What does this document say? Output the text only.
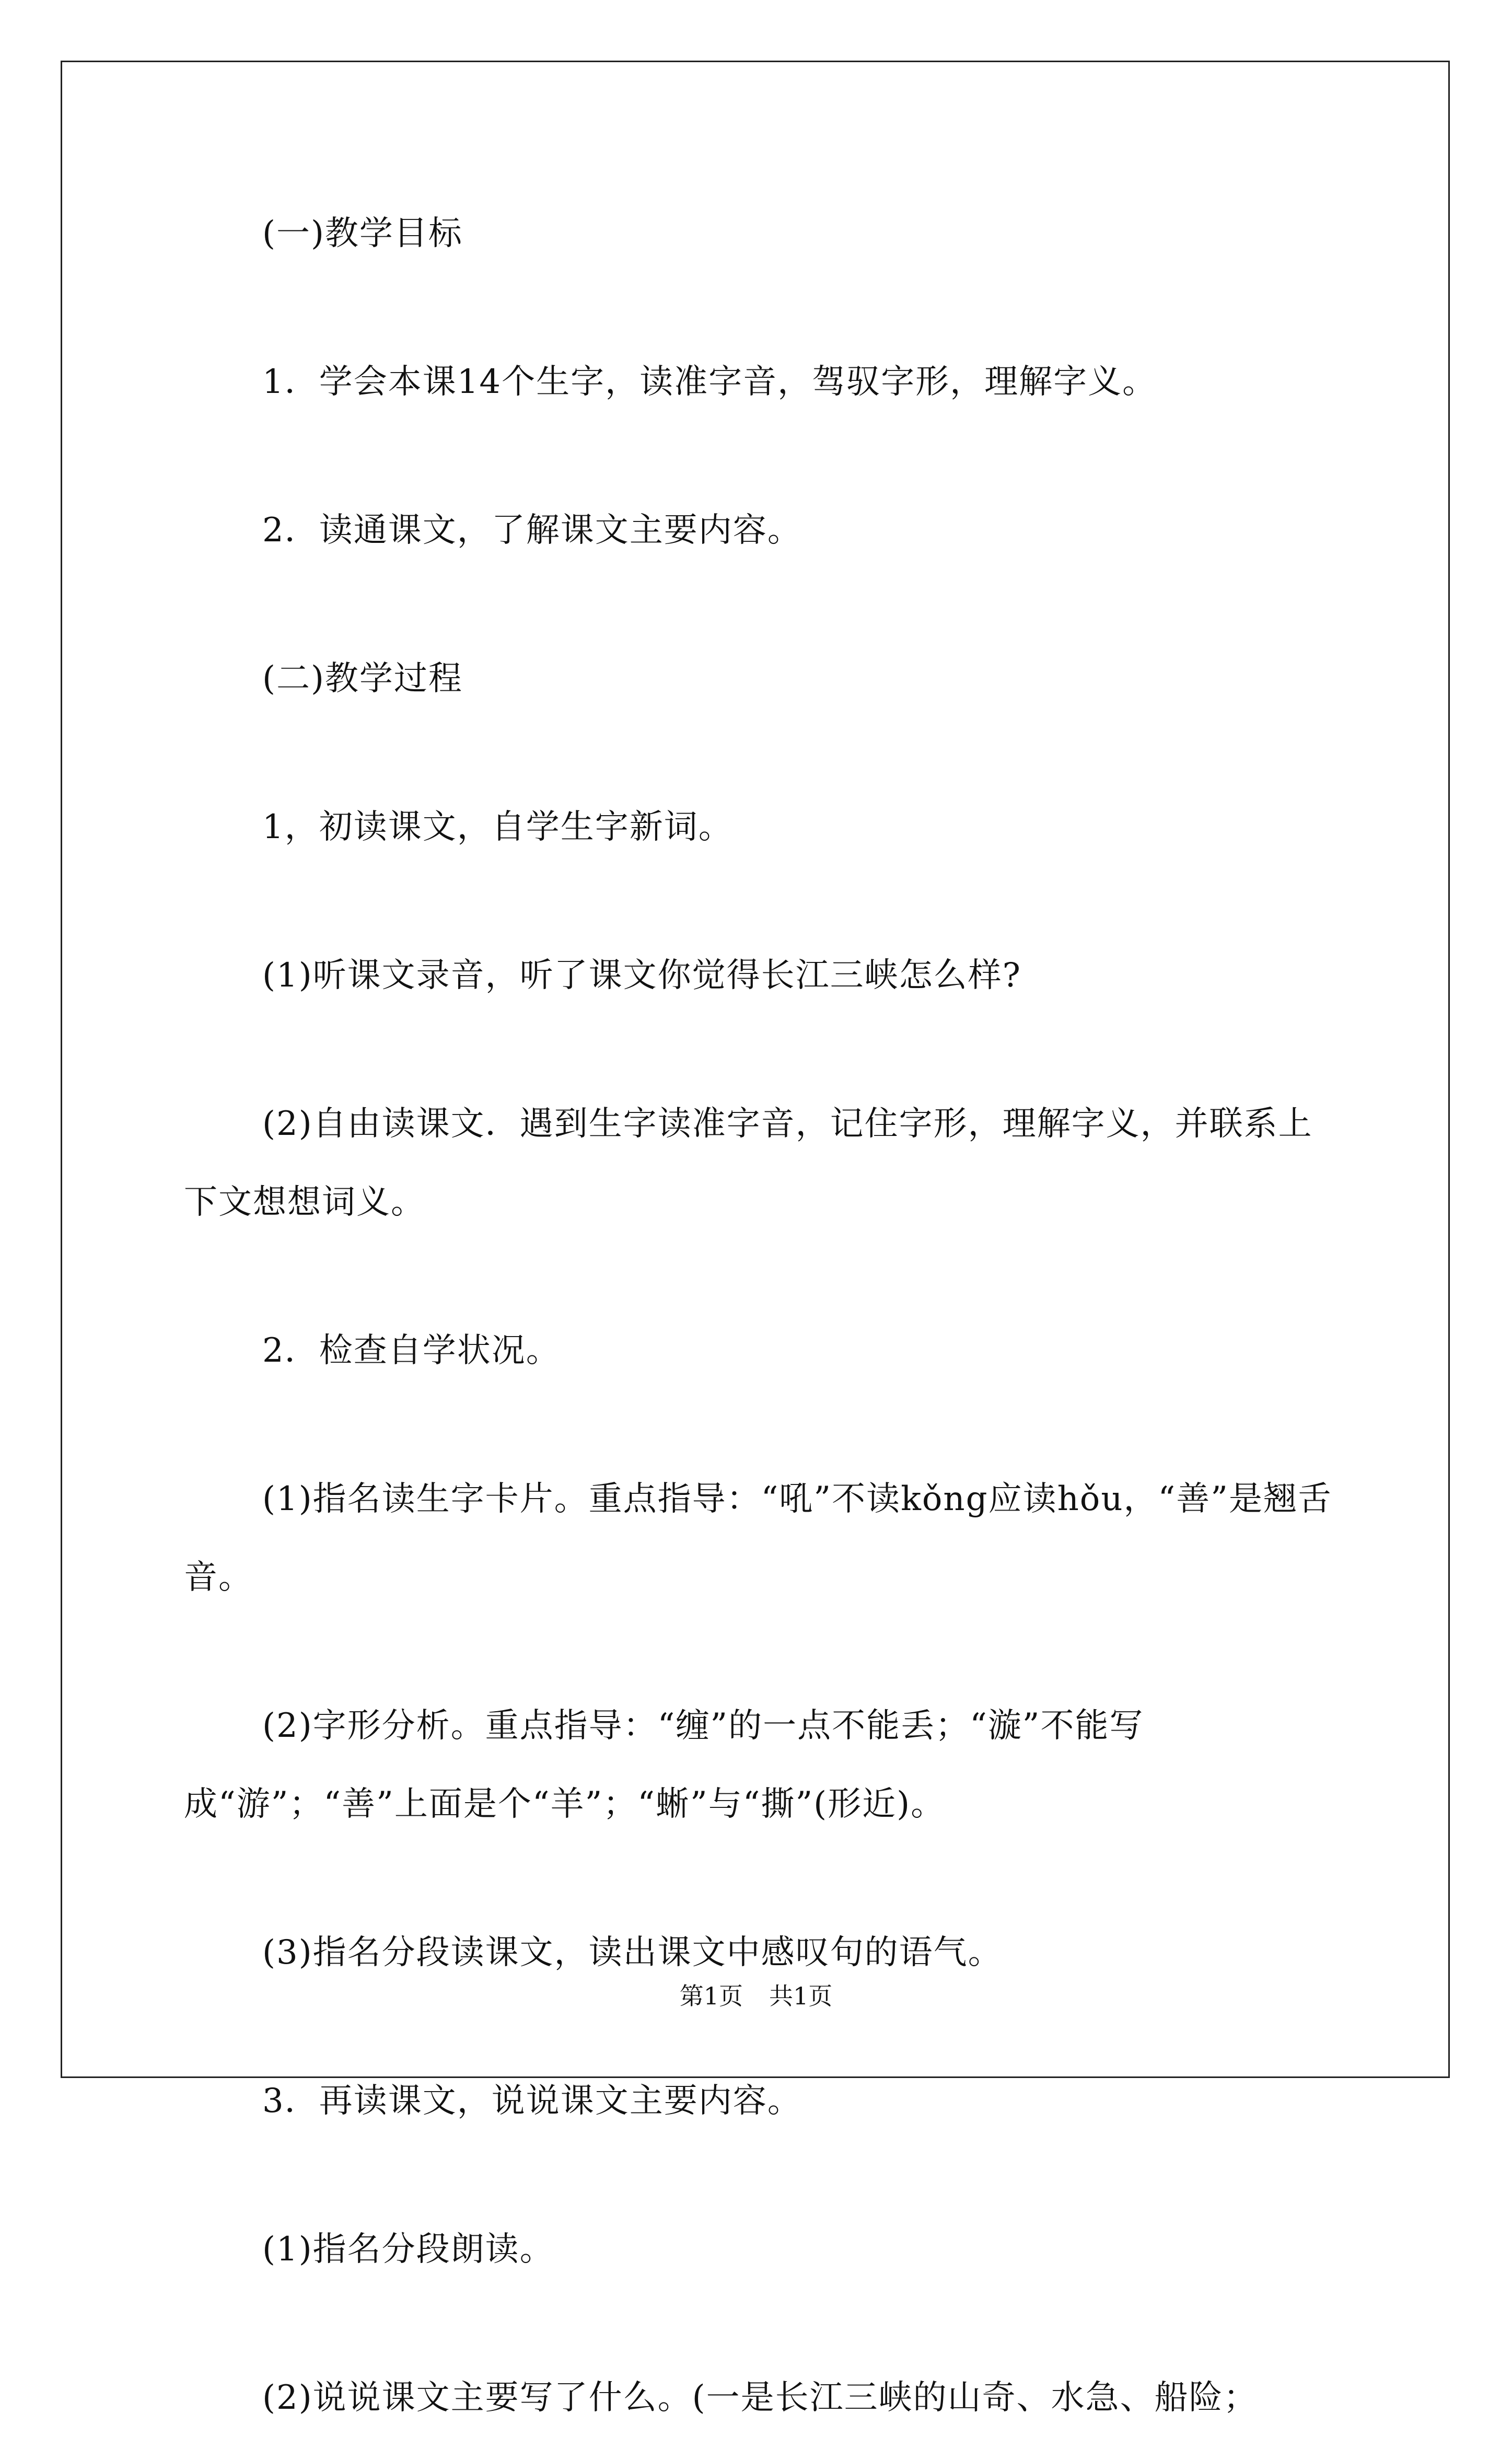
(一)教学目标

1．学会本课14个生字，读准字音，驾驭字形，理解字义。

2．读通课文，了解课文主要内容。

(二)教学过程

1，初读课文，自学生字新词。

(1)听课文录音，听了课文你觉得长江三峡怎么样?

(2)自由读课文．遇到生字读准字音，记住字形，理解字义，并联系上下文想想词义。

2．检查自学状况。

(1)指名读生字卡片。重点指导：“吼”不读kǒng应读hǒu，“善”是翘舌音。

(2)字形分析。重点指导：“缠”的一点不能丢；“漩”不能写成“游”；“善”上面是个“羊”；“蜥”与“撕”(形近)。

(3)指名分段读课文，读出课文中感叹句的语气。

3．再读课文，说说课文主要内容。

(1)指名分段朗读。

(2)说说课文主要写了什么。(一是长江三峡的山奇、水急、船险；

第1页 共1页
